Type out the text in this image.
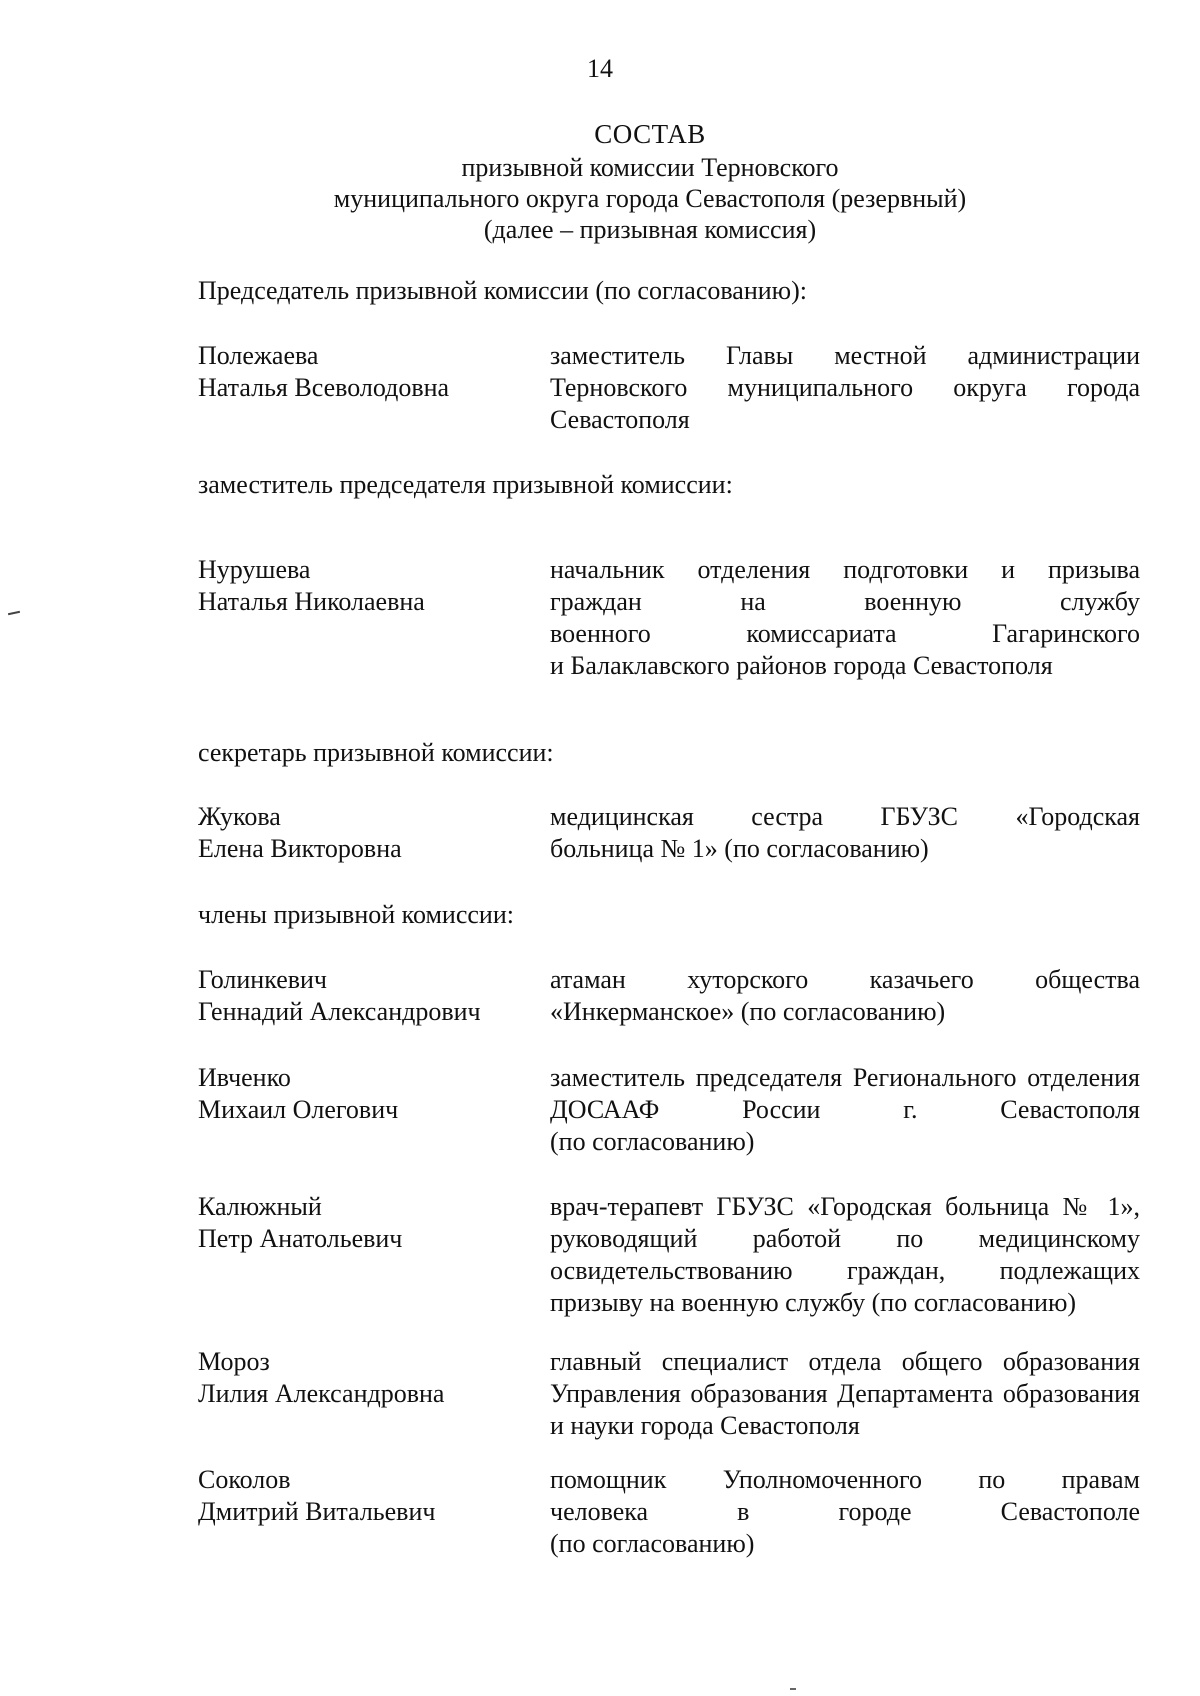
14
СОСТАВ
призывной комиссии Терновского
муниципального округа города Севастополя (резервный)
(далее – призывная комиссия)
Председатель призывной комиссии (по согласованию):
Полежаева
Наталья Всеволодовна
заместитель Главы местной администрации
Терновского муниципального округа города
Севастополя
заместитель председателя призывной комиссии:
Нурушева
Наталья Николаевна
начальник отделения подготовки и призыва
граждан на военную службу
военного комиссариата Гагаринского
и Балаклавского районов города Севастополя
секретарь призывной комиссии:
Жукова
Елена Викторовна
медицинская сестра ГБУЗС «Городская
больница № 1» (по согласованию)
члены призывной комиссии:
Голинкевич
Геннадий Александрович
атаман хуторского казачьего общества
«Инкерманское» (по согласованию)
Ивченко
Михаил Олегович
заместитель председателя Регионального отделения
ДОСААФ России г. Севастополя
(по согласованию)
Калюжный
Петр Анатольевич
врач-терапевт ГБУЗС «Городская больница № 1»,
руководящий работой по медицинскому
освидетельствованию граждан, подлежащих
призыву на военную службу (по согласованию)
Мороз
Лилия Александровна
главный специалист отдела общего образования
Управления образования Департамента образования
и науки города Севастополя
Соколов
Дмитрий Витальевич
помощник Уполномоченного по правам
человека в городе Севастополе
(по согласованию)
